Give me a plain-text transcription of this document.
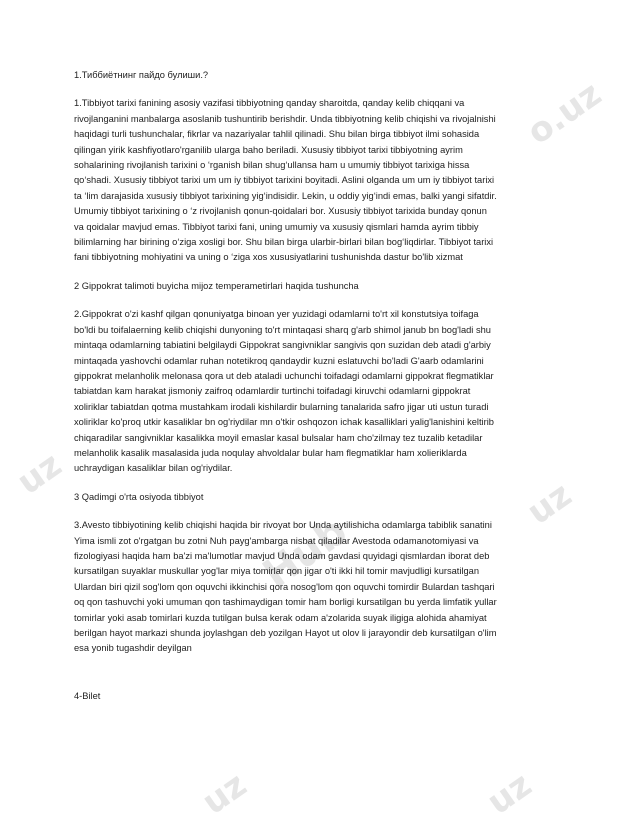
o.uz
uz
Hub
uz
uz	uz
1.Тиббиётнинг пайдо булиши.?
1.Tibbiyot tarixi fanining asosiy vazifasi tibbiyotning qanday sharoitda, qanday kelib chiqqani va
rivojlanganini manbalarga asoslanib tushuntirib berishdir. Unda tibbiyotning kelib chiqishi va rivojalnishi
haqidagi turli tushunchalar, fikrlar va nazariyalar tahlil qilinadi. Shu bilan birga tibbiyot ilmi sohasida
qilingan yirik kashfiyotlaro'rganilib ularga baho beriladi. Xususiy tibbiyot tarixi tibbiyotning ayrim
sohalarining rivojlanish tarixini o ‘rganish bilan shug‘ullansa ham u umumiy tibbiyot tarixiga hissa
qo‘shadi. Xususiy tibbiyot tarixi um um iy tibbiyot tarixini boyitadi. Aslini olganda um um iy tibbiyot tarixi
ta ‘lim darajasida xususiy tibbiyot tarixining yig‘indisidir. Lekin, u oddiy yig‘indi emas, balki yangi sifatdir.
Umumiy tibbiyot tarixining o ‘z rivojlanish qonun-qoidalari bor. Xususiy tibbiyot tarixida bunday qonun
va qoidalar mavjud emas. Tibbiyot tarixi fani, uning umumiy va xususiy qismlari hamda ayrim tibbiy
bilimlarning har birining o‘ziga xosligi bor. Shu bilan birga ularbir-birlari bilan bog‘liqdirlar. Tibbiyot tarixi
fani tibbiyotning mohiyatini va uning o ‘ziga xos xususiyatlarini tushunishda dastur bo'lib xizmat
2 Gippokrat talimoti buyicha mijoz temperametirlari haqida tushuncha
2.Gippokrat o'zi kashf qilgan qonuniyatga binoan yer yuzidagi odamlarni to'rt xil konstutsiya toifaga
bo'ldi bu toifalaerning kelib chiqishi dunyoning to'rt mintaqasi sharq g'arb shimol janub bn bog'ladi shu
mintaqa odamlarning tabiatini belgilaydi Gippokrat sangivniklar sangivis qon suzidan deb atadi g'arbiy
mintaqada yashovchi odamlar ruhan notetikroq qandaydir kuzni eslatuvchi bo'ladi G'aarb odamlarini
gippokrat melanholik melonasa qora ut deb ataladi uchunchi toifadagi odamlarni gippokrat flegmatiklar
tabiatdan kam harakat jismoniy zaifroq odamlardir turtinchi toifadagi kiruvchi odamlarni gippokrat
xoliriklar tabiatdan qotma mustahkam irodali kishilardir bularning tanalarida safro jigar uti ustun turadi
xoliriklar ko'proq utkir kasaliklar bn og'riydilar mn o'tkir oshqozon ichak kasalliklari yalig'lanishini keltirib
chiqaradilar sangivniklar kasalikka moyil emaslar kasal bulsalar ham cho'zilmay tez tuzalib ketadilar
melanholik kasalik masalasida juda noqulay ahvoldalar bular ham flegmatiklar ham xolieriklarda
uchraydigan kasaliklar bilan og'riydilar.
3 Qadimgi o'rta osiyoda tibbiyot
3.Avesto tibbiyotining kelib chiqishi haqida bir rivoyat bor Unda aytilishicha odamlarga tabiblik sanatini
Yima ismli zot o'rgatgan bu zotni Nuh payg'ambarga nisbat qiladilar Avestoda odamanotomiyasi va
fizologiyasi haqida ham ba'zi ma'lumotlar mavjud Unda odam gavdasi quyidagi qismlardan iborat deb
kursatilgan suyaklar muskullar yog'lar miya tomirlar qon jigar o'ti ikki hil tomir mavjudligi kursatilgan
Ulardan biri qizil sog'lom qon oquvchi ikkinchisi qora nosog'lom qon oquvchi tomirdir Bulardan tashqari
oq qon tashuvchi yoki umuman qon tashimaydigan tomir ham borligi kursatilgan bu yerda limfatik yullar
tomirlar yoki asab tomirlari kuzda tutilgan bulsa kerak odam a'zolarida suyak iligiga alohida ahamiyat
berilgan hayot markazi shunda joylashgan deb yozilgan Hayot ut olov li jarayondir deb kursatilgan o'lim
esa yonib tugashdir deyilgan
4-Bilet
